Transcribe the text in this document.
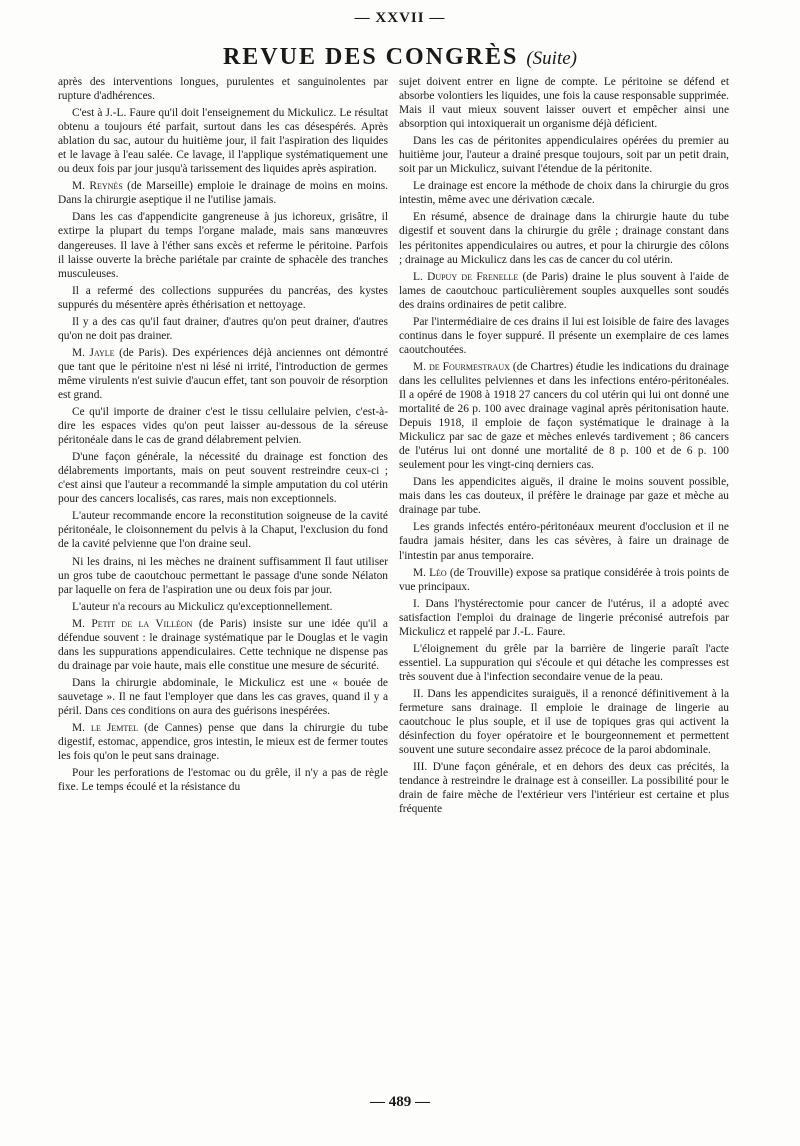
— XXVII —
REVUE DES CONGRÈS (Suite)

après des interventions longues, purulentes et sanguinolentes par rupture d'adhérences.

C'est à J.-L. Faure qu'il doit l'enseignement du Mickulicz. Le résultat obtenu a toujours été parfait, surtout dans les cas désespérés. Après ablation du sac, autour du huitième jour, il fait l'aspiration des liquides et le lavage à l'eau salée. Ce lavage, il l'applique systématiquement une ou deux fois par jour jusqu'à tarissement des liquides après aspiration.

M. Reynès (de Marseille) emploie le drainage de moins en moins. Dans la chirurgie aseptique il ne l'utilise jamais.

Dans les cas d'appendicite gangreneuse à jus ichoreux, grisâtre, il extirpe la plupart du temps l'organe malade, mais sans manœuvres dangereuses. Il lave à l'éther sans excès et referme le péritoine. Parfois il laisse ouverte la brèche pariétale par crainte de sphacèle des tranches musculeuses.

Il a refermé des collections suppurées du pancréas, des kystes suppurés du mésentère après éthérisation et nettoyage.

Il y a des cas qu'il faut drainer, d'autres qu'on peut drainer, d'autres qu'on ne doit pas drainer.

M. Jayle (de Paris). Des expériences déjà anciennes ont démontré que tant que le péritoine n'est ni lésé ni irrité, l'introduction de germes même virulents n'est suivie d'aucun effet, tant son pouvoir de résorption est grand.

Ce qu'il importe de drainer c'est le tissu cellulaire pelvien, c'est-à-dire les espaces vides qu'on peut laisser au-dessous de la séreuse péritonéale dans le cas de grand délabrement pelvien.

D'une façon générale, la nécessité du drainage est fonction des délabrements importants, mais on peut souvent restreindre ceux-ci ; c'est ainsi que l'auteur a recommandé la simple amputation du col utérin pour des cancers localisés, cas rares, mais non exceptionnels.

L'auteur recommande encore la reconstitution soigneuse de la cavité péritonéale, le cloisonnement du pelvis à la Chaput, l'exclusion du fond de la cavité pelvienne que l'on draine seul.

Ni les drains, ni les mèches ne drainent suffisamment Il faut utiliser un gros tube de caoutchouc permettant le passage d'une sonde Nélaton par laquelle on fera de l'aspiration une ou deux fois par jour.

L'auteur n'a recours au Mickulicz qu'exceptionnellement.

M. Petit de la Villéon (de Paris) insiste sur une idée qu'il a défendue souvent : le drainage systématique par le Douglas et le vagin dans les suppurations appendiculaires. Cette technique ne dispense pas du drainage par voie haute, mais elle constitue une mesure de sécurité.

Dans la chirurgie abdominale, le Mickulicz est une « bouée de sauvetage ». Il ne faut l'employer que dans les cas graves, quand il y a péril. Dans ces conditions on aura des guérisons inespérées.

M. le Jemtel (de Cannes) pense que dans la chirurgie du tube digestif, estomac, appendice, gros intestin, le mieux est de fermer toutes les fois qu'on le peut sans drainage.

Pour les perforations de l'estomac ou du grêle, il n'y a pas de règle fixe. Le temps écoulé et la résistance du

sujet doivent entrer en ligne de compte. Le péritoine se défend et absorbe volontiers les liquides, une fois la cause responsable supprimée. Mais il vaut mieux souvent laisser ouvert et empêcher ainsi une absorption qui intoxiquerait un organisme déjà déficient.

Dans les cas de péritonites appendiculaires opérées du premier au huitième jour, l'auteur a drainé presque toujours, soit par un petit drain, soit par un Mickulicz, suivant l'étendue de la péritonite.

Le drainage est encore la méthode de choix dans la chirurgie du gros intestin, même avec une dérivation cæcale.

En résumé, absence de drainage dans la chirurgie haute du tube digestif et souvent dans la chirurgie du grêle ; drainage constant dans les péritonites appendiculaires ou autres, et pour la chirurgie des côlons ; drainage au Mickulicz dans les cas de cancer du col utérin.

L. Dupuy de Frenelle (de Paris) draine le plus souvent à l'aide de lames de caoutchouc particulièrement souples auxquelles sont soudés des drains ordinaires de petit calibre.

Par l'intermédiaire de ces drains il lui est loisible de faire des lavages continus dans le foyer suppuré. Il présente un exemplaire de ces lames caoutchoutées.

M. de Fourmestraux (de Chartres) étudie les indications du drainage dans les cellulites pelviennes et dans les infections entéro-péritonéales. Il a opéré de 1908 à 1918 27 cancers du col utérin qui lui ont donné une mortalité de 26 p. 100 avec drainage vaginal après péritonisation haute. Depuis 1918, il emploie de façon systématique le drainage à la Mickulicz par sac de gaze et mèches enlevés tardivement ; 86 cancers de l'utérus lui ont donné une mortalité de 8 p. 100 et de 6 p. 100 seulement pour les vingt-cinq derniers cas.

Dans les appendicites aiguës, il draine le moins souvent possible, mais dans les cas douteux, il préfère le drainage par gaze et mèche au drainage par tube.

Les grands infectés entéro-péritonéaux meurent d'occlusion et il ne faudra jamais hésiter, dans les cas sévères, à faire un drainage de l'intestin par anus temporaire.

M. Léo (de Trouville) expose sa pratique considérée à trois points de vue principaux.

I. Dans l'hystérectomie pour cancer de l'utérus, il a adopté avec satisfaction l'emploi du drainage de lingerie préconisé autrefois par Mickulicz et rappelé par J.-L. Faure.

L'éloignement du grêle par la barrière de lingerie paraît l'acte essentiel. La suppuration qui s'écoule et qui détache les compresses est très souvent due à l'infection secondaire venue de la peau.

II. Dans les appendicites suraiguës, il a renoncé définitivement à la fermeture sans drainage. Il emploie le drainage de lingerie au caoutchouc le plus souple, et il use de topiques gras qui activent la désinfection du foyer opératoire et le bourgeonnement et permettent souvent une suture secondaire assez précoce de la paroi abdominale.

III. D'une façon générale, et en dehors des deux cas précités, la tendance à restreindre le drainage est à conseiller. La possibilité pour le drain de faire mèche de l'extérieur vers l'intérieur est certaine et plus fréquente

— 489 —
